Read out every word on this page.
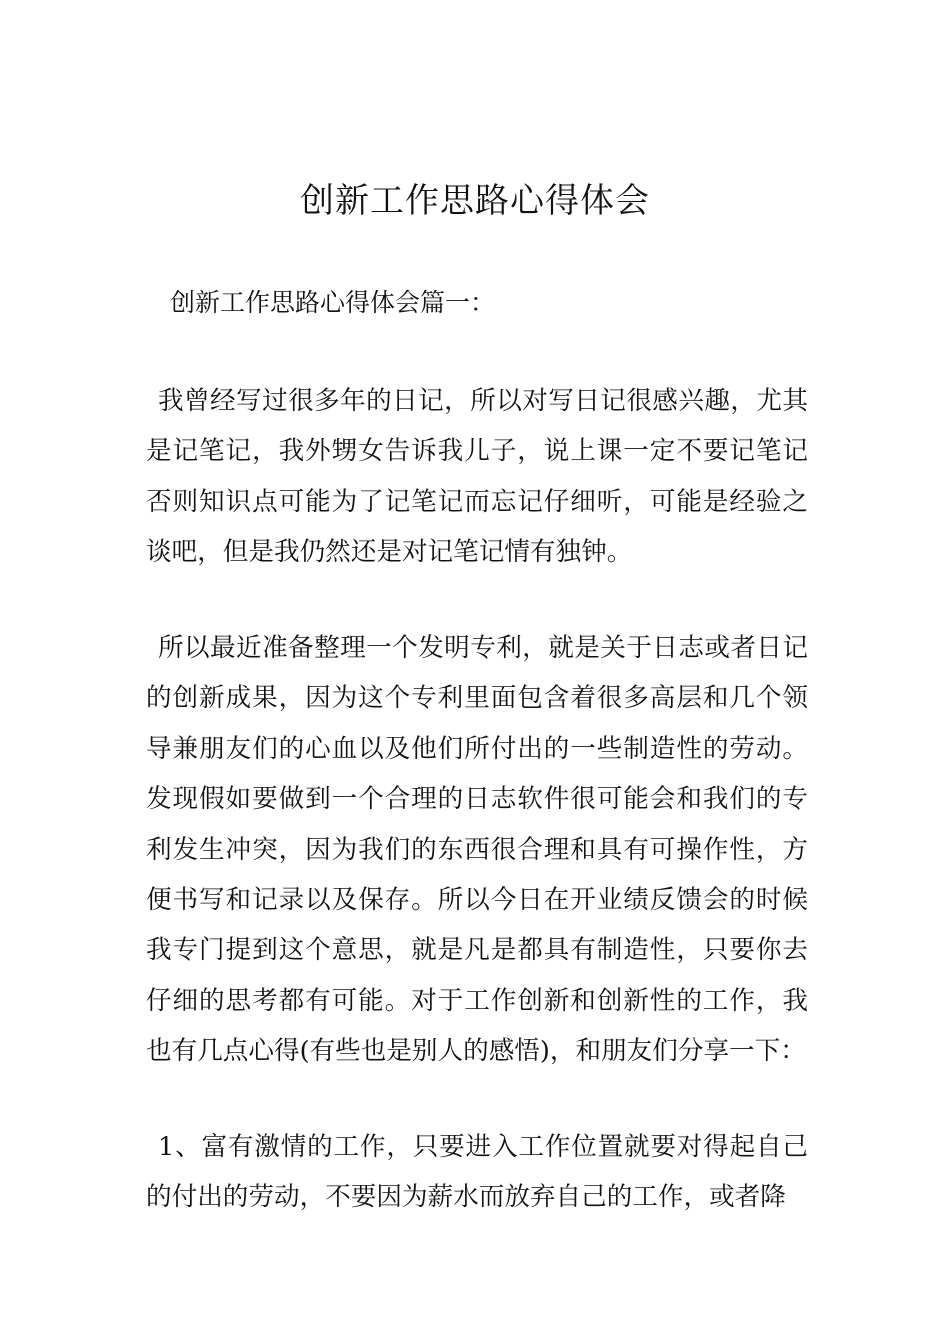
创新工作思路心得体会

创新工作思路心得体会篇一：

我曾经写过很多年的日记，所以对写日记很感兴趣，尤其是记笔记，我外甥女告诉我儿子，说上课一定不要记笔记否则知识点可能为了记笔记而忘记仔细听，可能是经验之谈吧，但是我仍然还是对记笔记情有独钟。

所以最近准备整理一个发明专利，就是关于日志或者日记的创新成果，因为这个专利里面包含着很多高层和几个领导兼朋友们的心血以及他们所付出的一些制造性的劳动。发现假如要做到一个合理的日志软件很可能会和我们的专利发生冲突，因为我们的东西很合理和具有可操作性，方便书写和记录以及保存。所以今日在开业绩反馈会的时候我专门提到这个意思，就是凡是都具有制造性，只要你去仔细的思考都有可能。对于工作创新和创新性的工作，我也有几点心得(有些也是别人的感悟)，和朋友们分享一下：

1、富有激情的工作，只要进入工作位置就要对得起自己的付出的劳动，不要因为薪水而放弃自己的工作，或者降
